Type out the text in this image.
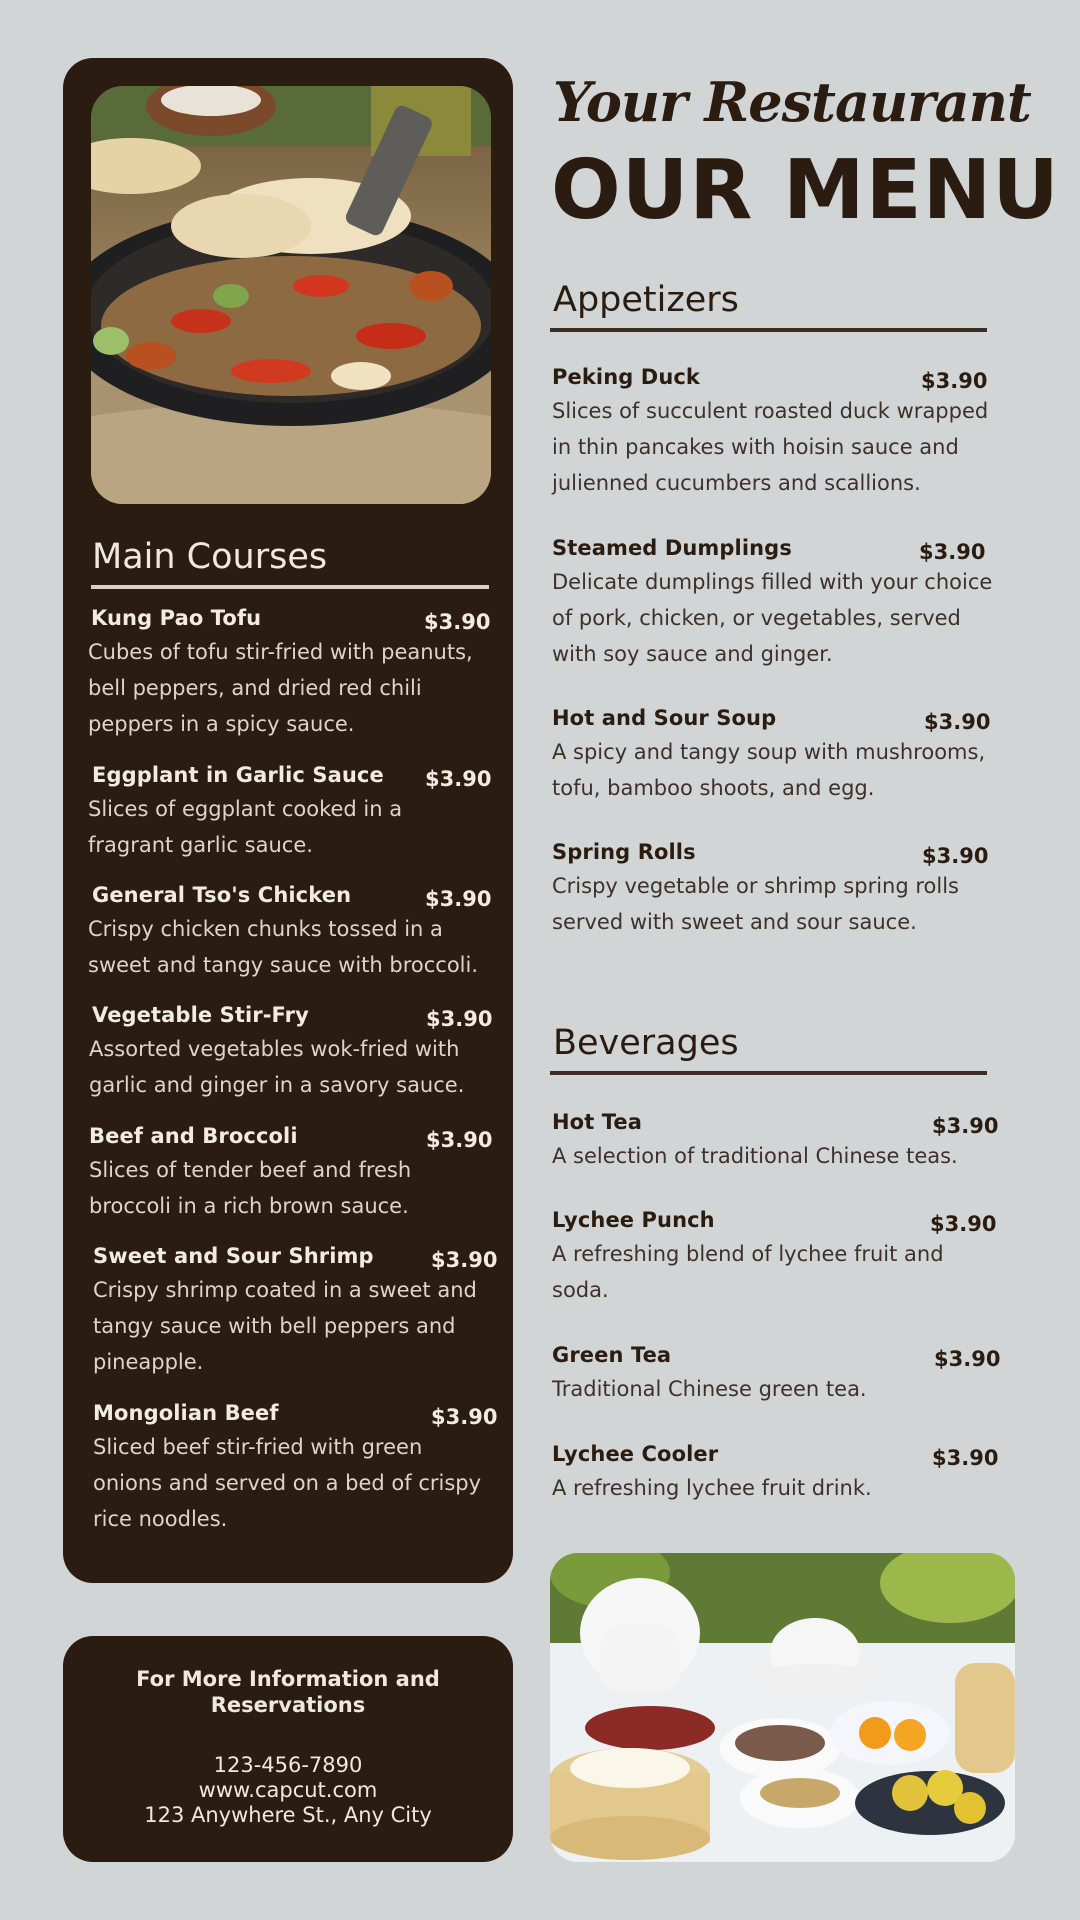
Main Courses
Kung Pao Tofu	$3.90
Cubes of tofu stir-fried with peanuts,
bell peppers, and dried red chili
peppers in a spicy sauce.
Eggplant in Garlic Sauce	$3.90
Slices of eggplant cooked in a
fragrant garlic sauce.
General Tso's Chicken	$3.90
Crispy chicken chunks tossed in a
sweet and tangy sauce with broccoli.
Vegetable Stir-Fry	$3.90
Assorted vegetables wok-fried with
garlic and ginger in a savory sauce.
Beef and Broccoli	$3.90
Slices of tender beef and fresh
broccoli in a rich brown sauce.
Sweet and Sour Shrimp	$3.90
Crispy shrimp coated in a sweet and
tangy sauce with bell peppers and
pineapple.
Mongolian Beef	$3.90
Sliced beef stir-fried with green
onions and served on a bed of crispy
rice noodles.
For More Information and
Reservations
123-456-7890
www.capcut.com
123 Anywhere St., Any City
Your Restaurant
OUR MENU
Appetizers
Peking Duck	$3.90
Slices of succulent roasted duck wrapped
in thin pancakes with hoisin sauce and
julienned cucumbers and scallions.
Steamed Dumplings	$3.90
Delicate dumplings filled with your choice
of pork, chicken, or vegetables, served
with soy sauce and ginger.
Hot and Sour Soup	$3.90
A spicy and tangy soup with mushrooms,
tofu, bamboo shoots, and egg.
Spring Rolls	$3.90
Crispy vegetable or shrimp spring rolls
served with sweet and sour sauce.
Beverages
Hot Tea	$3.90
A selection of traditional Chinese teas.
Lychee Punch	$3.90
A refreshing blend of lychee fruit and
soda.
Green Tea	$3.90
Traditional Chinese green tea.
Lychee Cooler	$3.90
A refreshing lychee fruit drink.
